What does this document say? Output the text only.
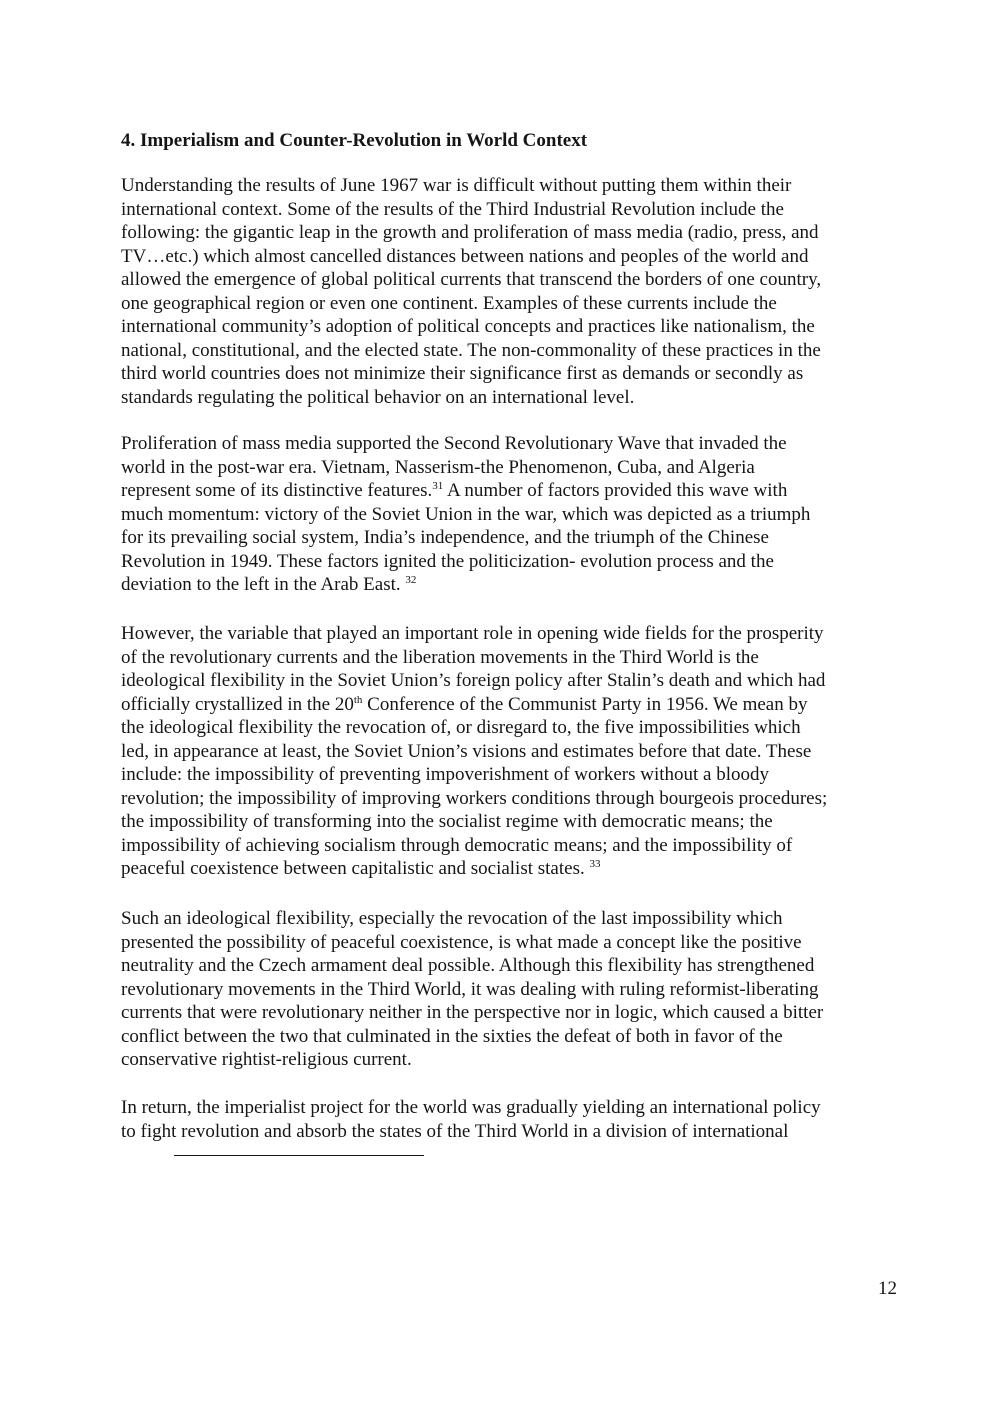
4. Imperialism and Counter-Revolution in World Context

Understanding the results of June 1967 war is difficult without putting them within their
international context. Some of the results of the Third Industrial Revolution include the
following: the gigantic leap in the growth and proliferation of mass media (radio, press, and
TV…etc.) which almost cancelled distances between nations and peoples of the world and
allowed the emergence of global political currents that transcend the borders of one country,
one geographical region or even one continent. Examples of these currents include the
international community’s adoption of political concepts and practices like nationalism, the
national, constitutional, and the elected state. The non-commonality of these practices in the
third world countries does not minimize their significance first as demands or secondly as
standards regulating the political behavior on an international level.

Proliferation of mass media supported the Second Revolutionary Wave that invaded the
world in the post-war era. Vietnam, Nasserism-the Phenomenon, Cuba, and Algeria
represent some of its distinctive features.$^{31}$ A number of factors provided this wave with
much momentum: victory of the Soviet Union in the war, which was depicted as a triumph
for its prevailing social system, India’s independence, and the triumph of the Chinese
Revolution in 1949. These factors ignited the politicization- evolution process and the
deviation to the left in the Arab East. $^{32}$

However, the variable that played an important role in opening wide fields for the prosperity
of the revolutionary currents and the liberation movements in the Third World is the
ideological flexibility in the Soviet Union’s foreign policy after Stalin’s death and which had
officially crystallized in the 20th Conference of the Communist Party in 1956. We mean by
the ideological flexibility the revocation of, or disregard to, the five impossibilities which
led, in appearance at least, the Soviet Union’s visions and estimates before that date. These
include: the impossibility of preventing impoverishment of workers without a bloody
revolution; the impossibility of improving workers conditions through bourgeois procedures;
the impossibility of transforming into the socialist regime with democratic means; the
impossibility of achieving socialism through democratic means; and the impossibility of
peaceful coexistence between capitalistic and socialist states. $^{33}$

Such an ideological flexibility, especially the revocation of the last impossibility which
presented the possibility of peaceful coexistence, is what made a concept like the positive
neutrality and the Czech armament deal possible. Although this flexibility has strengthened
revolutionary movements in the Third World, it was dealing with ruling reformist-liberating
currents that were revolutionary neither in the perspective nor in logic, which caused a bitter
conflict between the two that culminated in the sixties the defeat of both in favor of the
conservative rightist-religious current.

In return, the imperialist project for the world was gradually yielding an international policy
to fight revolution and absorb the states of the Third World in a division of international

12
